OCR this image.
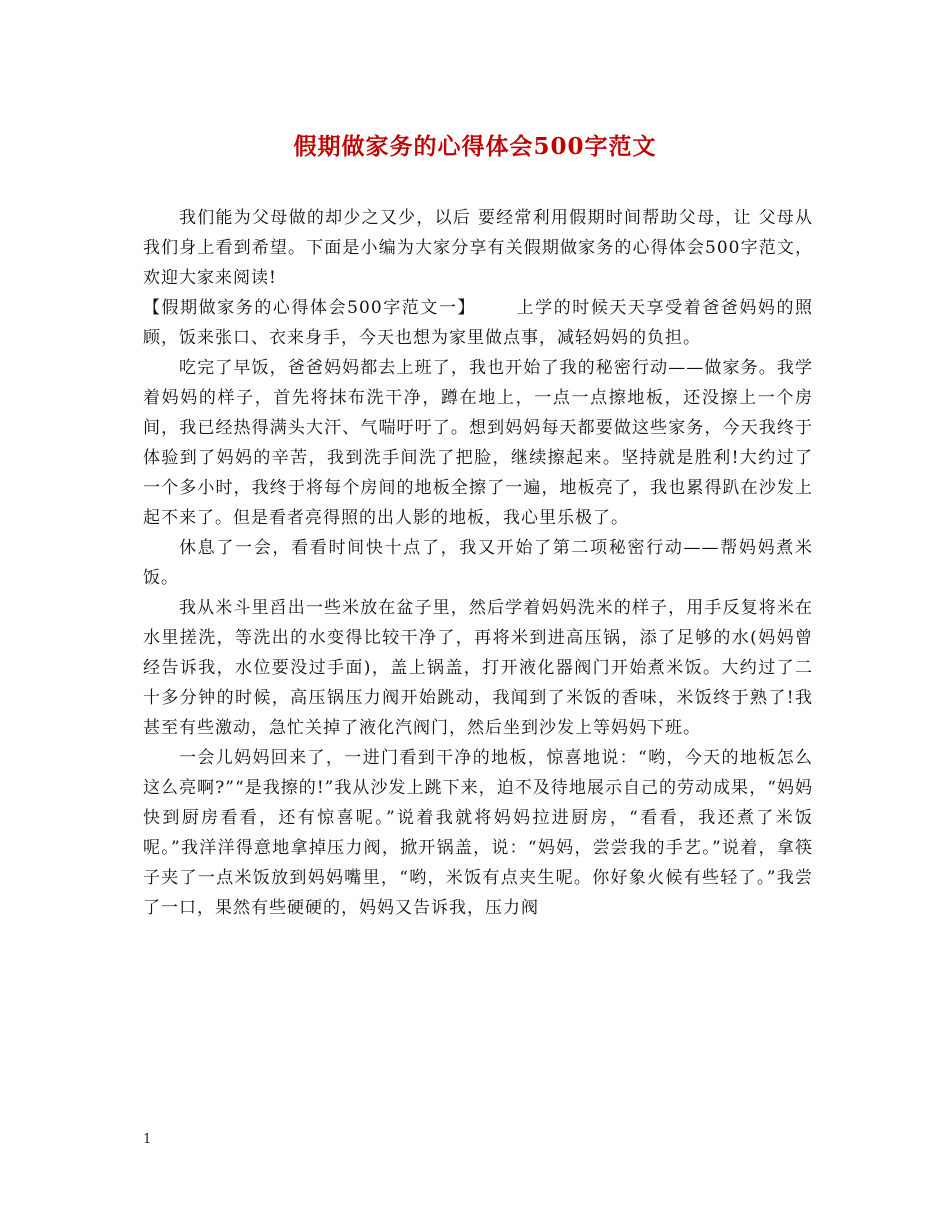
假期做家务的心得体会500字范文

我们能为父母做的却少之又少，以后 要经常利用假期时间帮助父母，让 父母从我们身上看到希望。下面是小编为大家分享有关假期做家务的心得体会500字范文，欢迎大家来阅读!

【假期做家务的心得体会500字范文一】 上学的时候天天享受着爸爸妈妈的照顾，饭来张口、衣来身手，今天也想为家里做点事，减轻妈妈的负担。

吃完了早饭，爸爸妈妈都去上班了，我也开始了我的秘密行动——做家务。我学着妈妈的样子，首先将抹布洗干净，蹲在地上，一点一点擦地板，还没擦上一个房间，我已经热得满头大汗、气喘吁吁了。想到妈妈每天都要做这些家务，今天我终于体验到了妈妈的辛苦，我到洗手间洗了把脸，继续擦起来。坚持就是胜利!大约过了一个多小时，我终于将每个房间的地板全擦了一遍，地板亮了，我也累得趴在沙发上起不来了。但是看者亮得照的出人影的地板，我心里乐极了。

休息了一会，看看时间快十点了，我又开始了第二项秘密行动——帮妈妈煮米饭。

我从米斗里舀出一些米放在盆子里，然后学着妈妈洗米的样子，用手反复将米在水里搓洗，等洗出的水变得比较干净了，再将米到进高压锅，添了足够的水(妈妈曾经告诉我，水位要没过手面)，盖上锅盖，打开液化器阀门开始煮米饭。大约过了二十多分钟的时候，高压锅压力阀开始跳动，我闻到了米饭的香味，米饭终于熟了!我甚至有些激动，急忙关掉了液化汽阀门，然后坐到沙发上等妈妈下班。

一会儿妈妈回来了，一进门看到干净的地板，惊喜地说：“哟，今天的地板怎么这么亮啊?”“是我擦的!”我从沙发上跳下来，迫不及待地展示自己的劳动成果，“妈妈快到厨房看看，还有惊喜呢。”说着我就将妈妈拉进厨房，“看看，我还煮了米饭呢。”我洋洋得意地拿掉压力阀，掀开锅盖，说：“妈妈，尝尝我的手艺。”说着，拿筷子夹了一点米饭放到妈妈嘴里，“哟，米饭有点夹生呢。你好象火候有些轻了。”我尝了一口，果然有些硬硬的，妈妈又告诉我，压力阀

1
